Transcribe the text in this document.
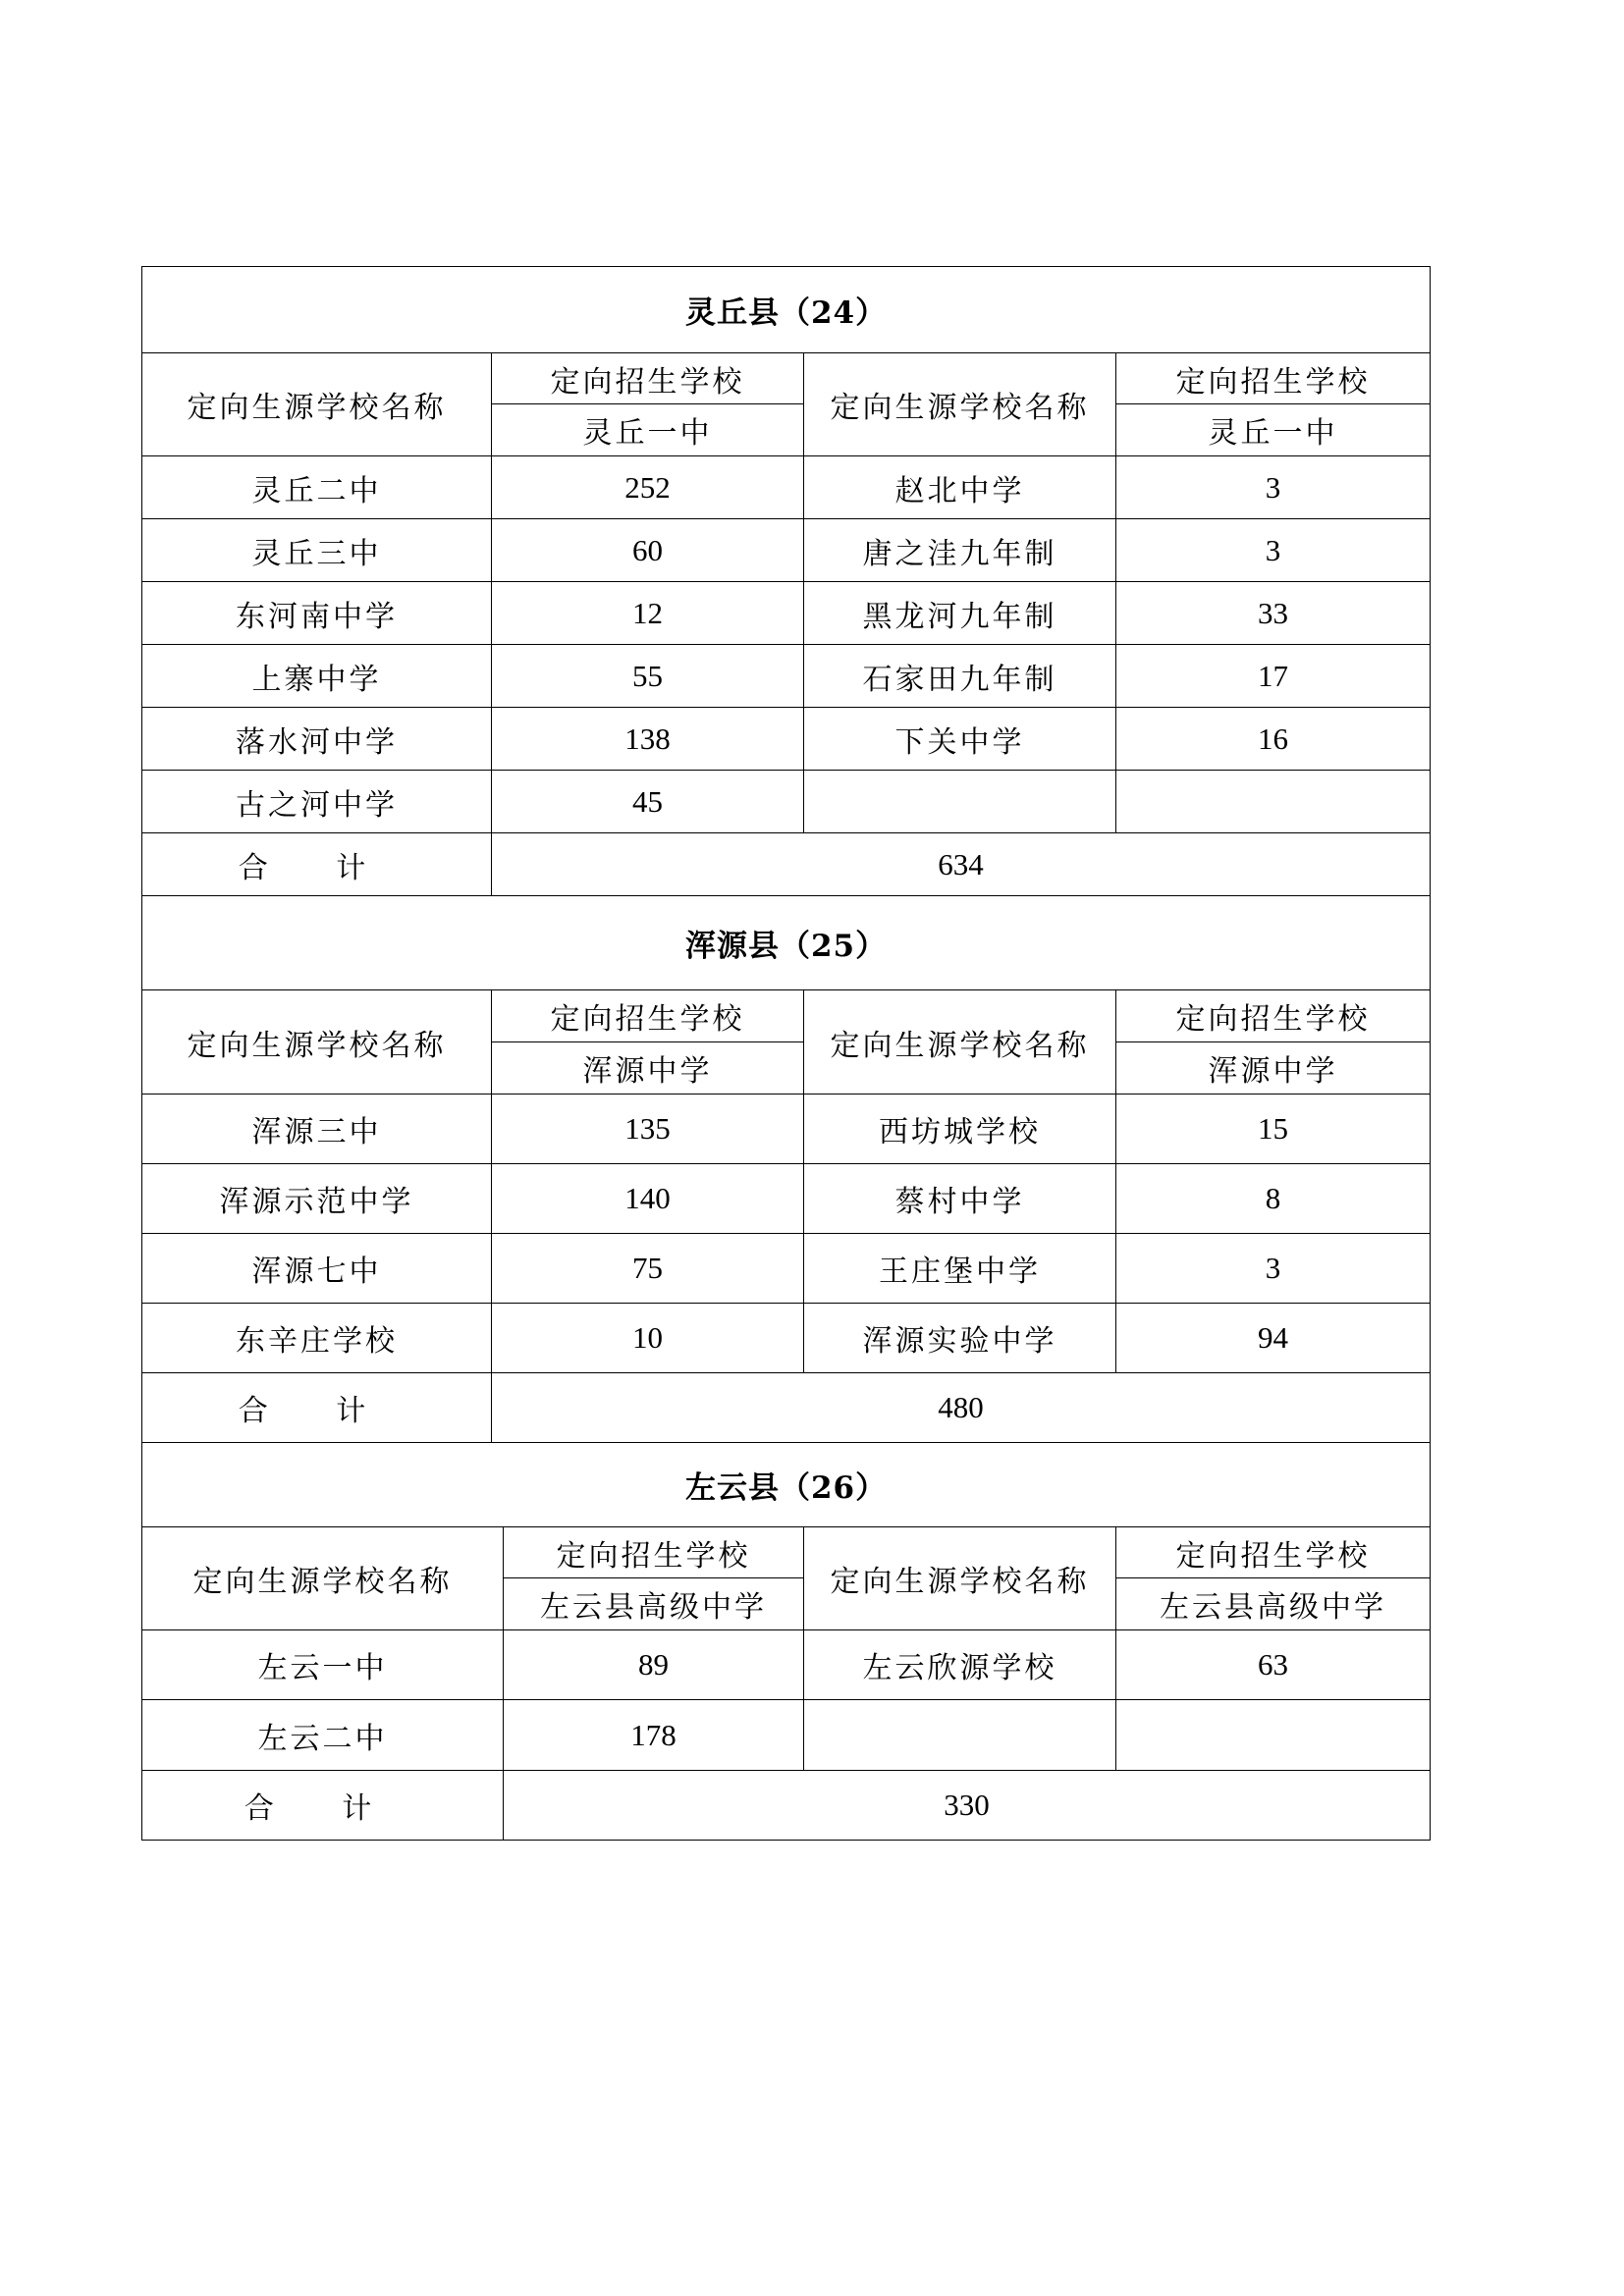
灵丘县（24）				
定向生源学校名称	定向招生学校		定向生源学校名称	定向招生学校
	灵丘一中			灵丘一中
灵丘二中	252		赵北中学	3
灵丘三中	60		唐之洼九年制	3
东河南中学	12		黑龙河九年制	33
上寨中学	55		石家田九年制	17
落水河中学	138		下关中学	16
古之河中学	45			
合 计	634			
浑源县（25）				
定向生源学校名称	定向招生学校		定向生源学校名称	定向招生学校
	浑源中学			浑源中学
浑源三中	135		西坊城学校	15
浑源示范中学	140		蔡村中学	8
浑源七中	75		王庄堡中学	3
东辛庄学校	10		浑源实验中学	94
合 计	480			
左云县（26）				
定向生源学校名称		定向招生学校	定向生源学校名称	定向招生学校
		左云县高级中学		左云县高级中学
左云一中		89	左云欣源学校	63
左云二中		178		
合 计		330		
